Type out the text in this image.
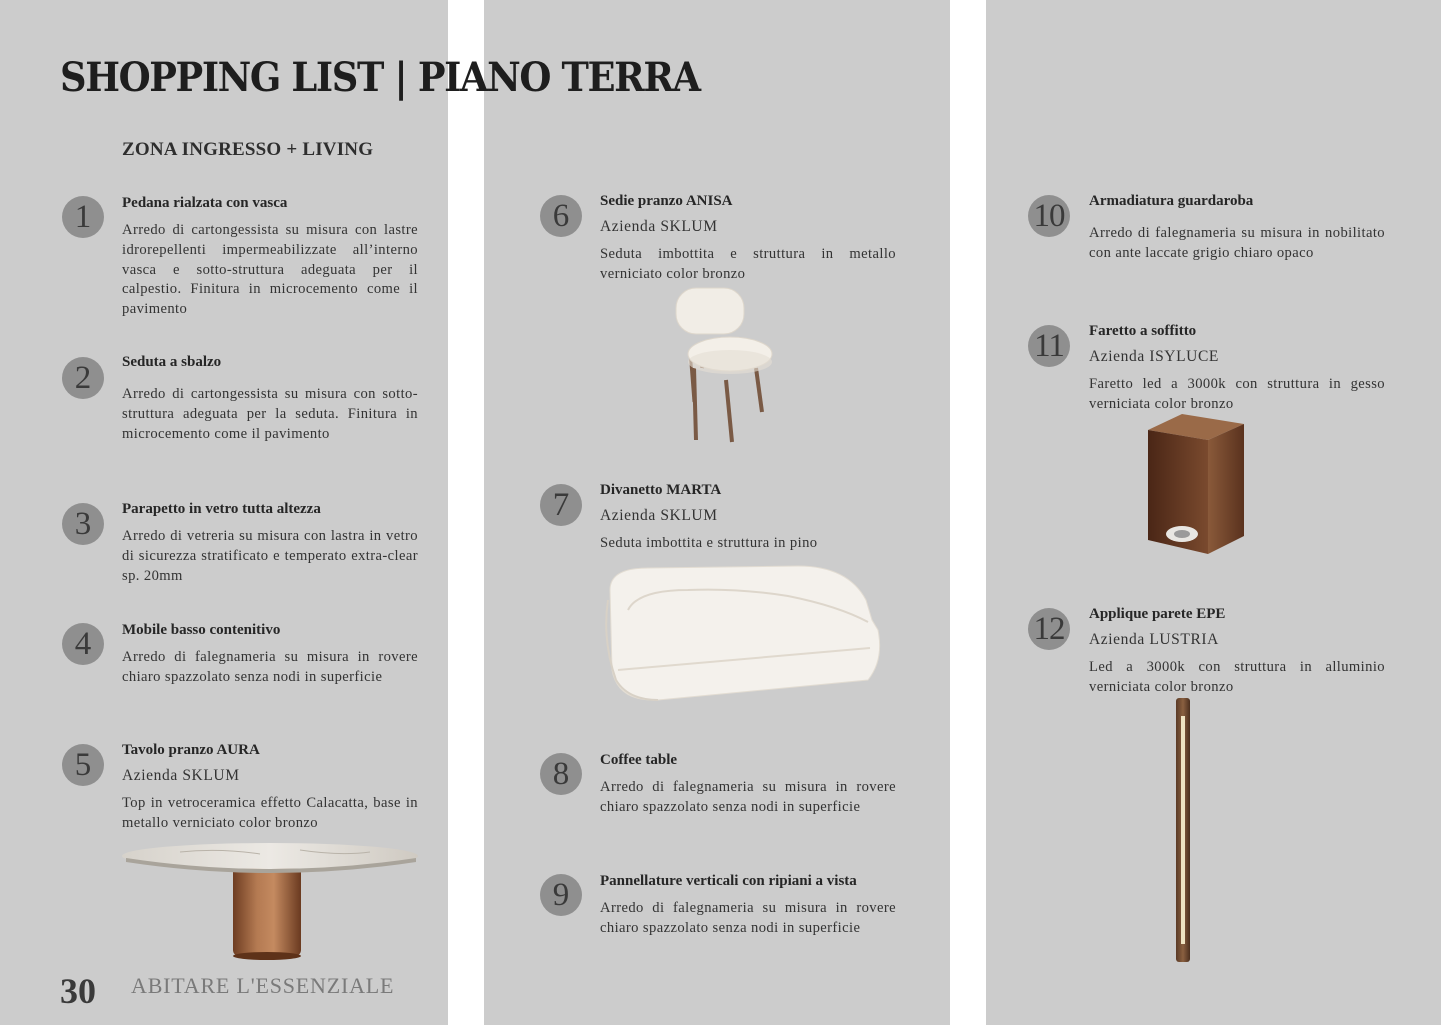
SHOPPING LIST | PIANO TERRA
ZONA INGRESSO + LIVING
1	Pedana rialzata con vasca
Arredo di cartongessista su misura con lastre idrorepellenti impermeabilizzate all’interno vasca e sotto-struttura adeguata per il calpestio. Finitura in microcemento come il pavimento
2	Seduta a sbalzo
Arredo di cartongessista su misura con sotto-struttura adeguata per la seduta. Finitura in microcemento come il pavimento
3	Parapetto in vetro tutta altezza
Arredo di vetreria su misura con lastra in vetro di sicurezza stratificato e temperato extra-clear sp. 20mm
4	Mobile basso contenitivo
Arredo di falegnameria su misura in rovere chiaro spazzolato senza nodi in superficie
5	Tavolo pranzo AURA
Azienda SKLUM
Top in vetroceramica effetto Calacatta, base in metallo verniciato color bronzo
6	Sedie pranzo ANISA
Azienda SKLUM
Seduta imbottita e struttura in metallo verniciato color bronzo
7	Divanetto MARTA
Azienda SKLUM
Seduta imbottita e struttura in pino
8	Coffee table
Arredo di falegnameria su misura in rovere chiaro spazzolato senza nodi in superficie
9	Pannellature verticali con ripiani a vista
Arredo di falegnameria su misura in rovere chiaro spazzolato senza nodi in superficie
10	Armadiatura guardaroba
Arredo di falegnameria su misura in nobilitato con ante laccate grigio chiaro opaco
11	Faretto a soffitto
Azienda ISYLUCE
Faretto led a 3000k con struttura in gesso verniciata color bronzo
12	Applique parete EPE
Azienda LUSTRIA
Led a 3000k con struttura in alluminio verniciata color bronzo
30 ABITARE L'ESSENZIALE
